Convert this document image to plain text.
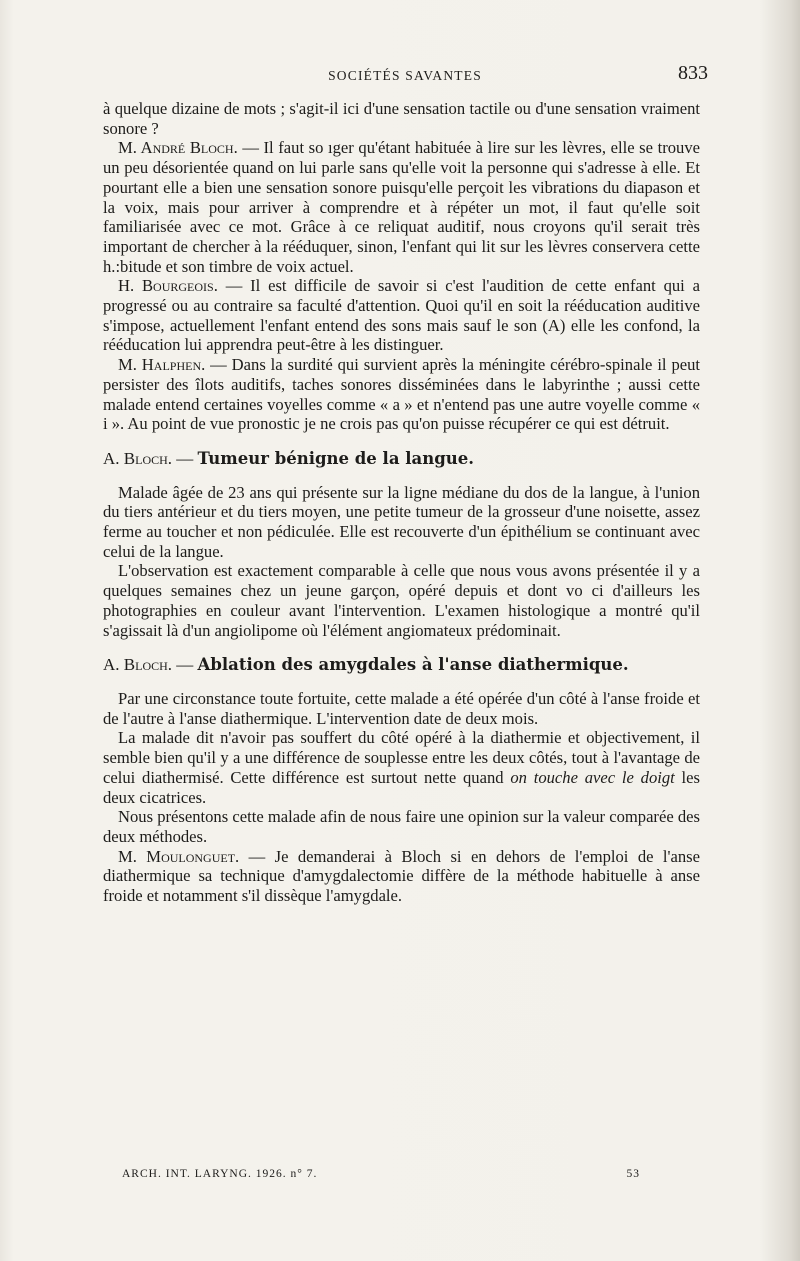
SOCIÉTÉS SAVANTES	833

à quelque dizaine de mots ; s'agit-il ici d'une sensation tactile ou d'une sensation vraiment sonore ?

M. André Bloch. — Il faut so ıger qu'étant habituée à lire sur les lèvres, elle se trouve un peu désorientée quand on lui parle sans qu'elle voit la personne qui s'adresse à elle. Et pourtant elle a bien une sensation sonore puisqu'elle perçoit les vibrations du diapason et la voix, mais pour arriver à comprendre et à répéter un mot, il faut qu'elle soit familiarisée avec ce mot. Grâce à ce reliquat auditif, nous croyons qu'il serait très important de chercher à la rééduquer, sinon, l'enfant qui lit sur les lèvres conservera cette h.:bitude et son timbre de voix actuel.

H. Bourgeois. — Il est difficile de savoir si c'est l'audition de cette enfant qui a progressé ou au contraire sa faculté d'attention. Quoi qu'il en soit la rééducation auditive s'impose, actuellement l'enfant entend des sons mais sauf le son (A) elle les confond, la rééducation lui apprendra peut-être à les distinguer.

M. Halphen. — Dans la surdité qui survient après la méningite cérébro-spinale il peut persister des îlots auditifs, taches sonores disséminées dans le labyrinthe ; aussi cette malade entend certaines voyelles comme « a » et n'entend pas une autre voyelle comme « i ». Au point de vue pronostic je ne crois pas qu'on puisse récupérer ce qui est détruit.

A. Bloch. — Tumeur bénigne de la langue.

Malade âgée de 23 ans qui présente sur la ligne médiane du dos de la langue, à l'union du tiers antérieur et du tiers moyen, une petite tumeur de la grosseur d'une noisette, assez ferme au toucher et non pédiculée. Elle est recouverte d'un épithélium se continuant avec celui de la langue.

L'observation est exactement comparable à celle que nous vous avons présentée il y a quelques semaines chez un jeune garçon, opéré depuis et dont vo ci d'ailleurs les photographies en couleur avant l'intervention. L'examen histologique a montré qu'il s'agissait là d'un angiolipome où l'élément angiomateux prédominait.

A. Bloch. — Ablation des amygdales à l'anse diathermique.

Par une circonstance toute fortuite, cette malade a été opérée d'un côté à l'anse froide et de l'autre à l'anse diathermique. L'intervention date de deux mois.

La malade dit n'avoir pas souffert du côté opéré à la diathermie et objectivement, il semble bien qu'il y a une différence de souplesse entre les deux côtés, tout à l'avantage de celui diathermisé. Cette différence est surtout nette quand on touche avec le doigt les deux cicatrices.

Nous présentons cette malade afin de nous faire une opinion sur la valeur comparée des deux méthodes.

M. Moulonguet. — Je demanderai à Bloch si en dehors de l'emploi de l'anse diathermique sa technique d'amygdalectomie diffère de la méthode habituelle à anse froide et notamment s'il dissèque l'amygdale.

ARCH. INT. LARYNG. 1926. n° 7.	53
